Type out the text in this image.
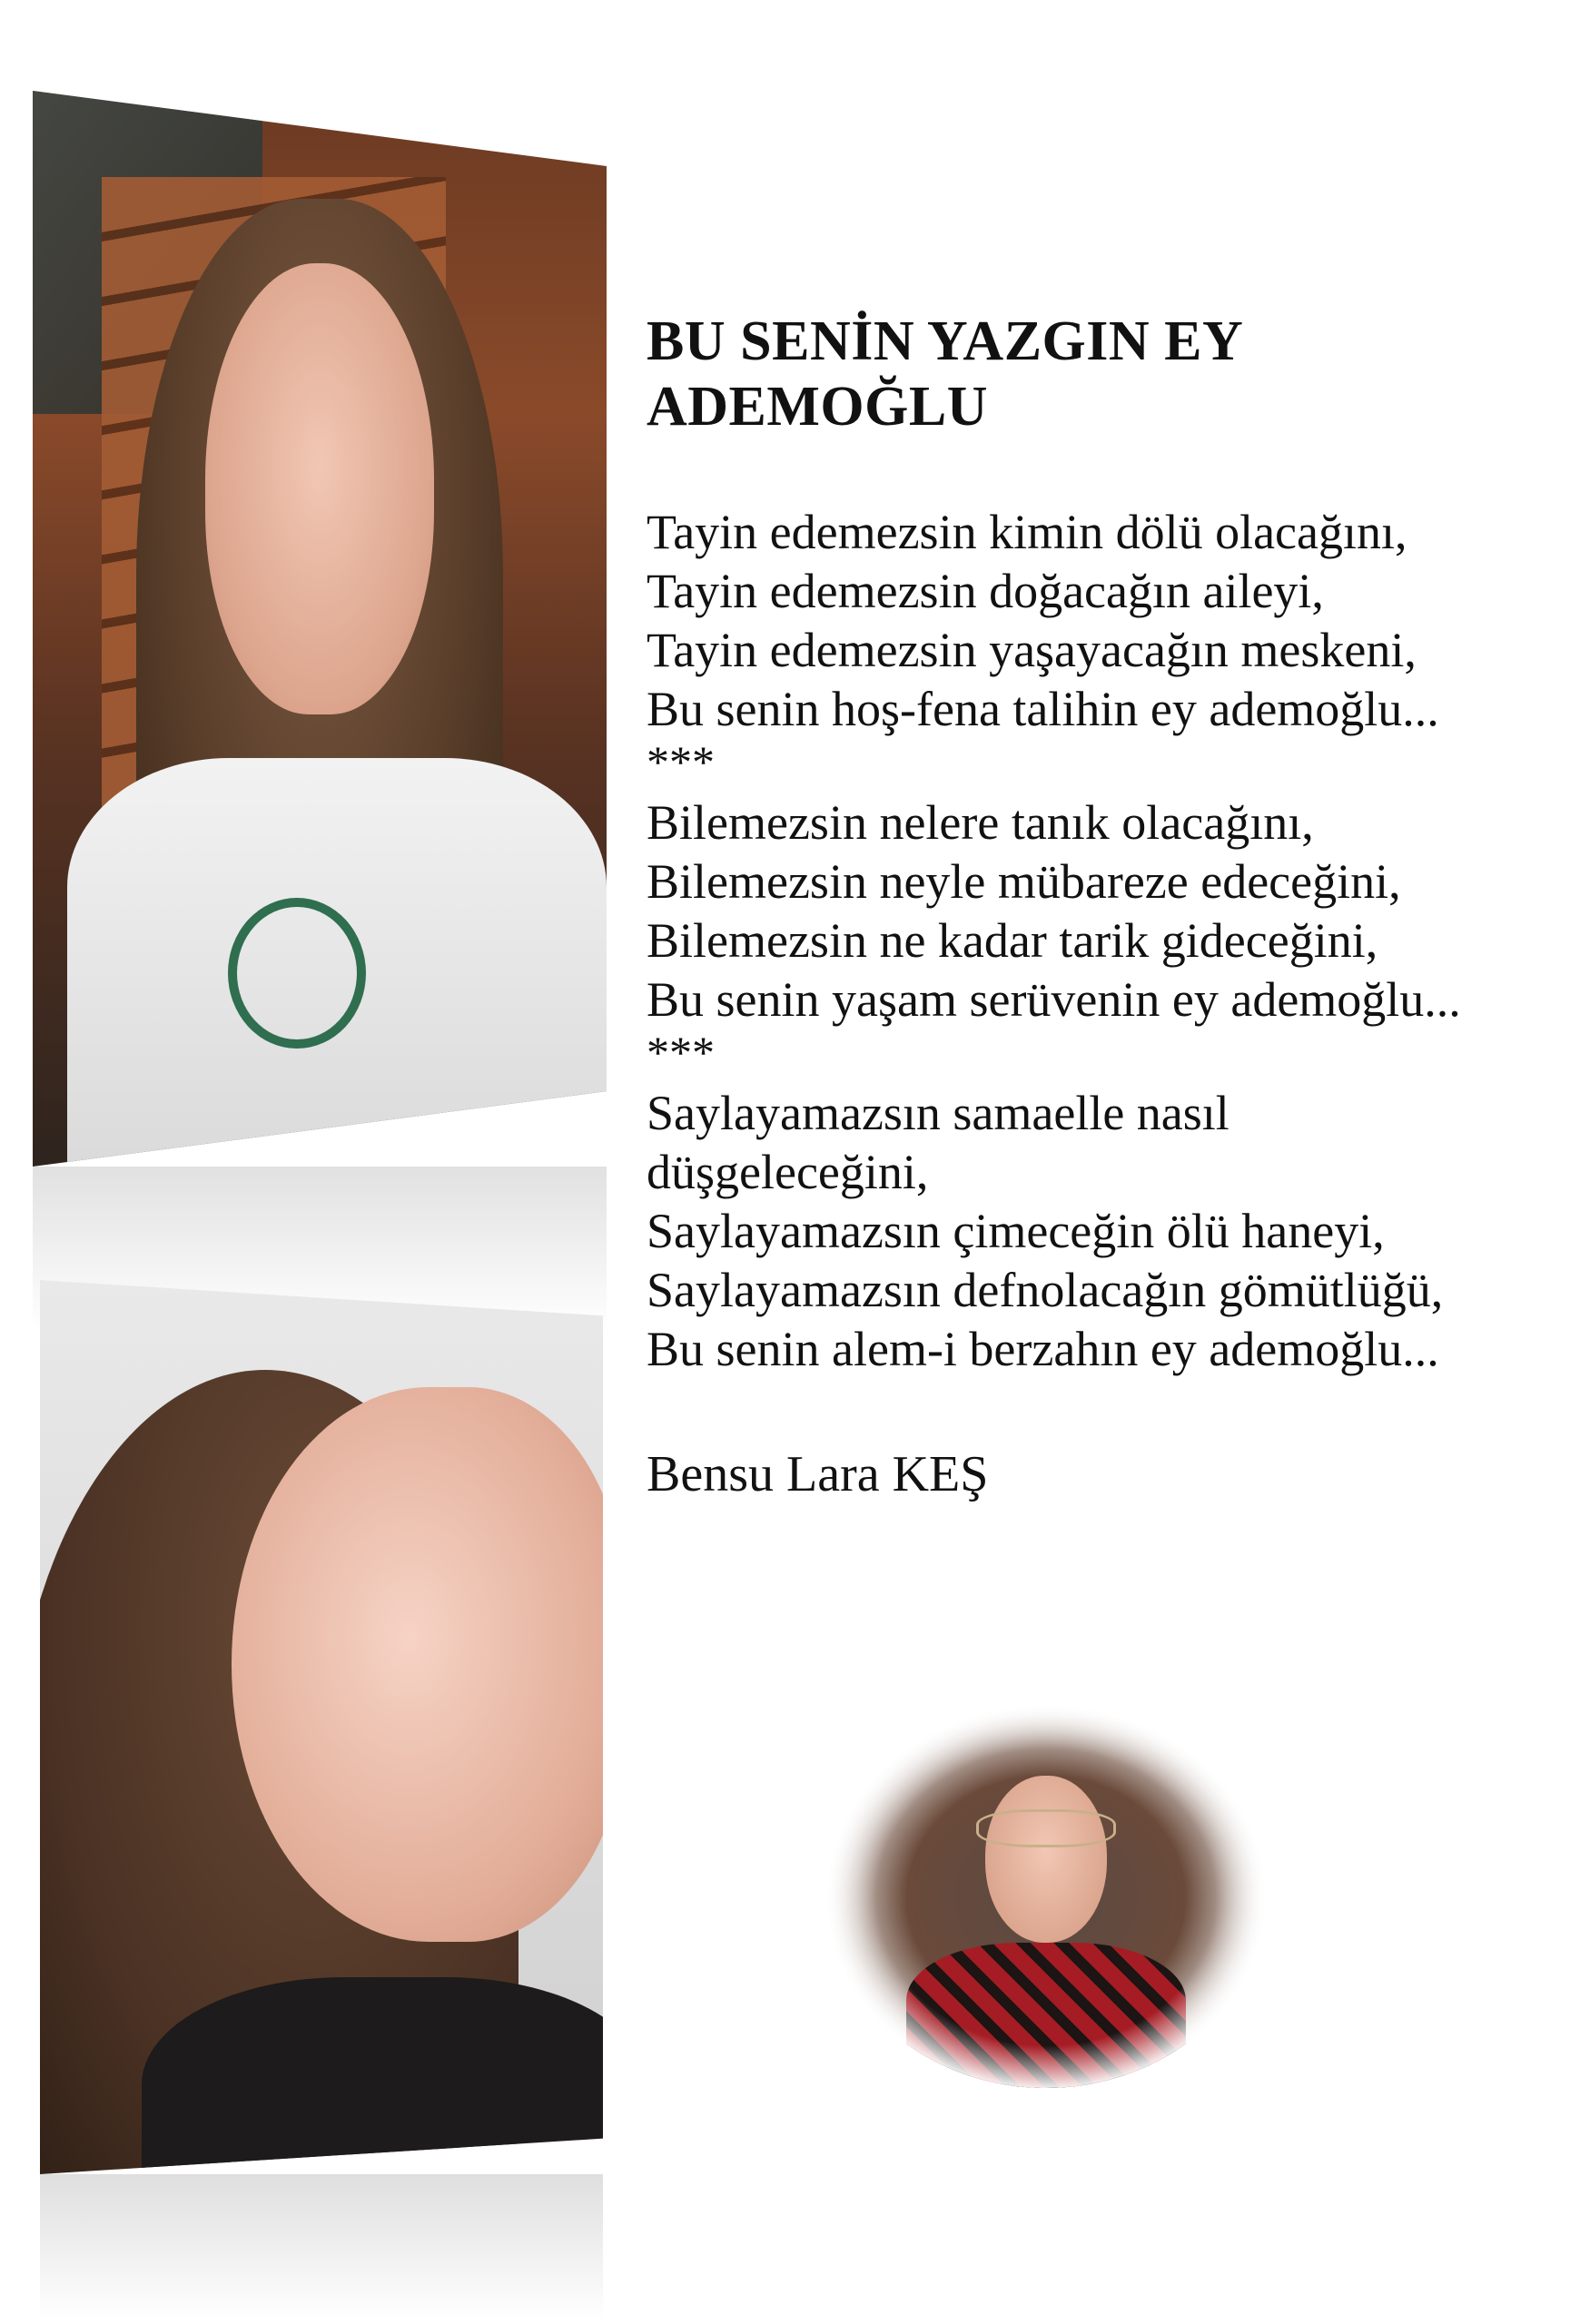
BU SENİN YAZGIN EY
ADEMOĞLU
Tayin edemezsin kimin dölü olacağını,
Tayin edemezsin doğacağın aileyi,
Tayin edemezsin yaşayacağın meskeni,
Bu senin hoş-fena talihin ey ademoğlu...
***
Bilemezsin nelere tanık olacağını,
Bilemezsin neyle mübareze edeceğini,
Bilemezsin ne kadar tarik gideceğini,
Bu senin yaşam serüvenin ey ademoğlu...
***
Saylayamazsın samaelle nasıl
düşgeleceğini,
Saylayamazsın çimeceğin ölü haneyi,
Saylayamazsın defnolacağın gömütlüğü,
Bu senin alem-i berzahın ey ademoğlu...
Bensu Lara KEŞ
